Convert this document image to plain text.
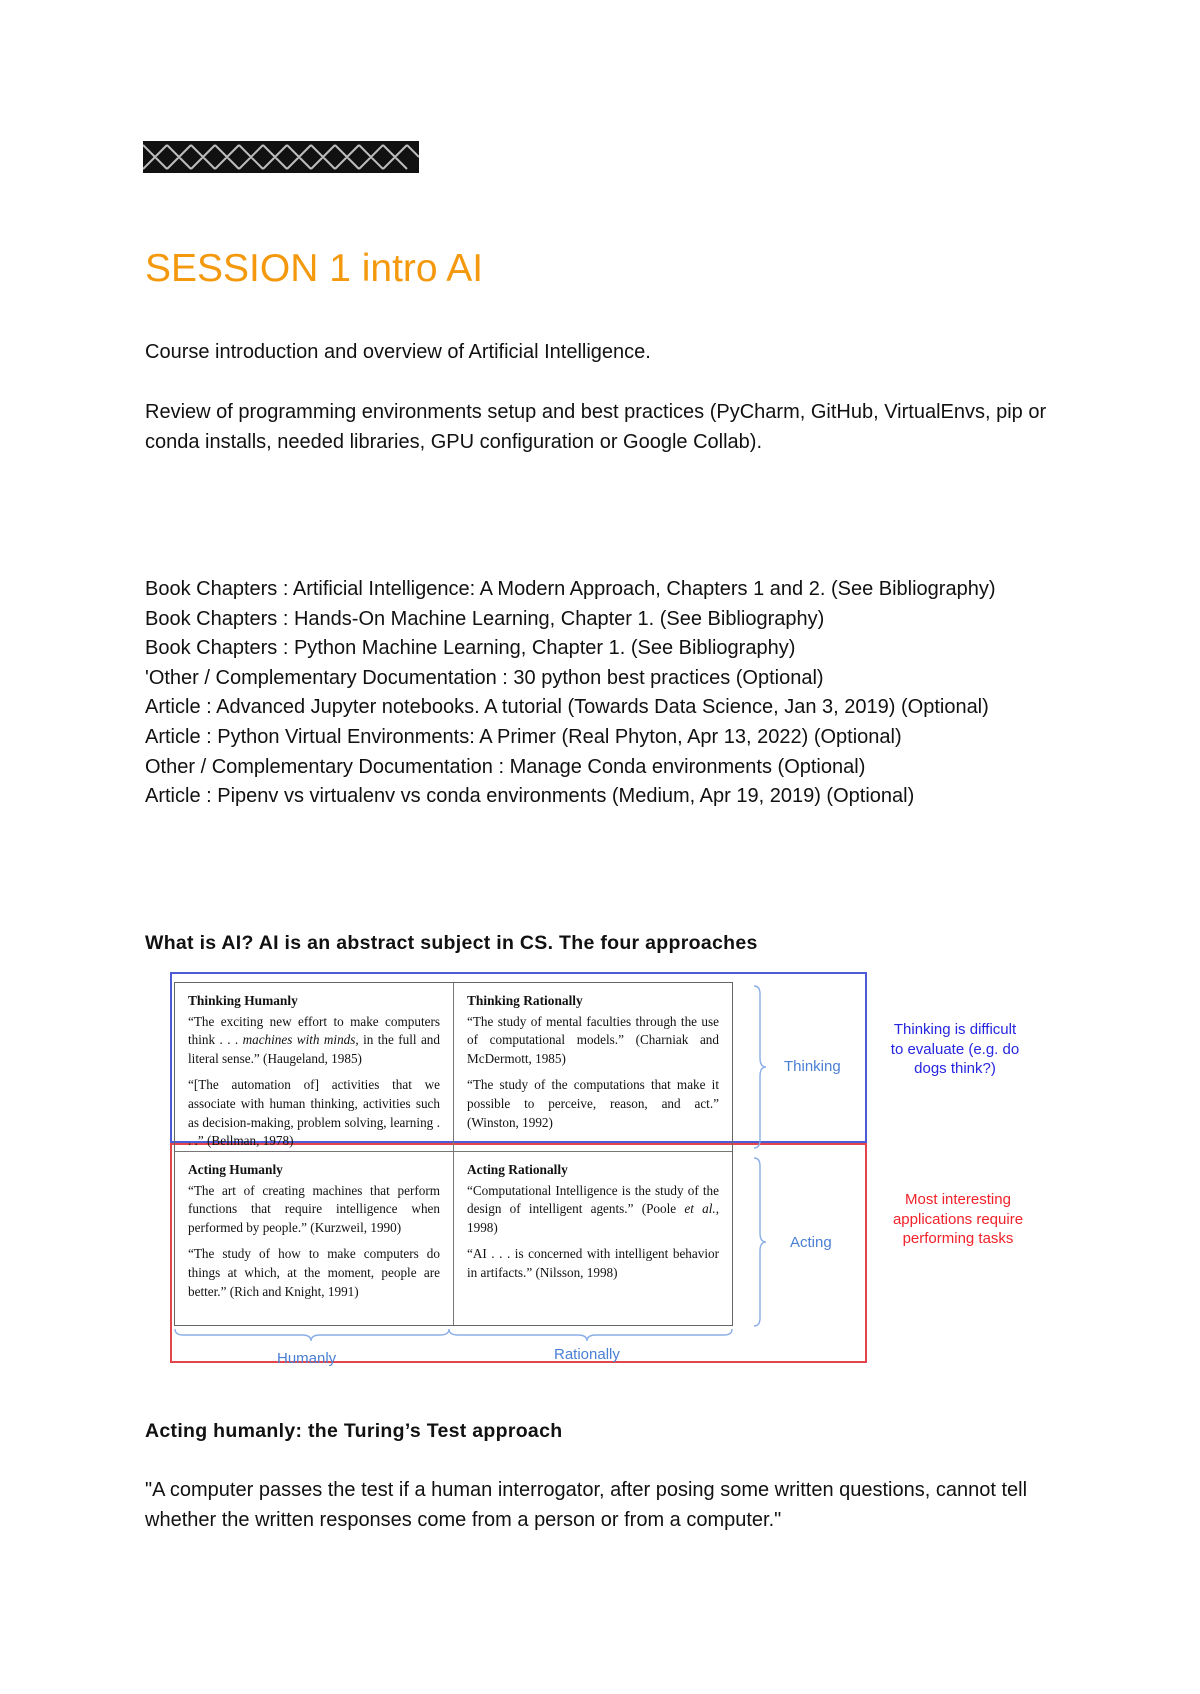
SESSION 1 intro AI

Course introduction and overview of Artificial Intelligence.

Review of programming environments setup and best practices (PyCharm, GitHub, VirtualEnvs, pip or conda installs, needed libraries, GPU configuration or Google Collab).

Book Chapters : Artificial Intelligence: A Modern Approach, Chapters 1 and 2. (See Bibliography)
Book Chapters : Hands-On Machine Learning, Chapter 1. (See Bibliography)
Book Chapters : Python Machine Learning, Chapter 1. (See Bibliography)
'Other / Complementary Documentation : 30 python best practices (Optional)
Article : Advanced Jupyter notebooks. A tutorial (Towards Data Science, Jan 3, 2019) (Optional)
Article : Python Virtual Environments: A Primer (Real Phyton, Apr 13, 2022) (Optional)
Other / Complementary Documentation : Manage Conda environments (Optional)
Article : Pipenv vs virtualenv vs conda environments (Medium, Apr 19, 2019) (Optional)
What is AI? AI is an abstract subject in CS. The four approaches
Thinking Humanly

“The exciting new effort to make computers think . . . machines with minds, in the full and literal sense.” (Haugeland, 1985)

“[The automation of] activities that we associate with human thinking, activities such as decision-making, problem solving, learning . . .” (Bellman, 1978)

Thinking Rationally

“The study of mental faculties through the use of computational models.” (Charniak and McDermott, 1985)

“The study of the computations that make it possible to perceive, reason, and act.” (Winston, 1992)

Acting Humanly

“The art of creating machines that perform functions that require intelligence when performed by people.” (Kurzweil, 1990)

“The study of how to make computers do things at which, at the moment, people are better.” (Rich and Knight, 1991)

Acting Rationally

“Computational Intelligence is the study of the design of intelligent agents.” (Poole et al., 1998)

“AI . . . is concerned with intelligent behavior in artifacts.” (Nilsson, 1998)

Thinking
Acting
Humanly	Rationally
Thinking is difficult to evaluate (e.g. do dogs think?)
Most interesting applications require performing tasks
Acting humanly: the Turing’s Test approach

"A computer passes the test if a human interrogator, after posing some written questions, cannot tell whether the written responses come from a person or from a computer."
